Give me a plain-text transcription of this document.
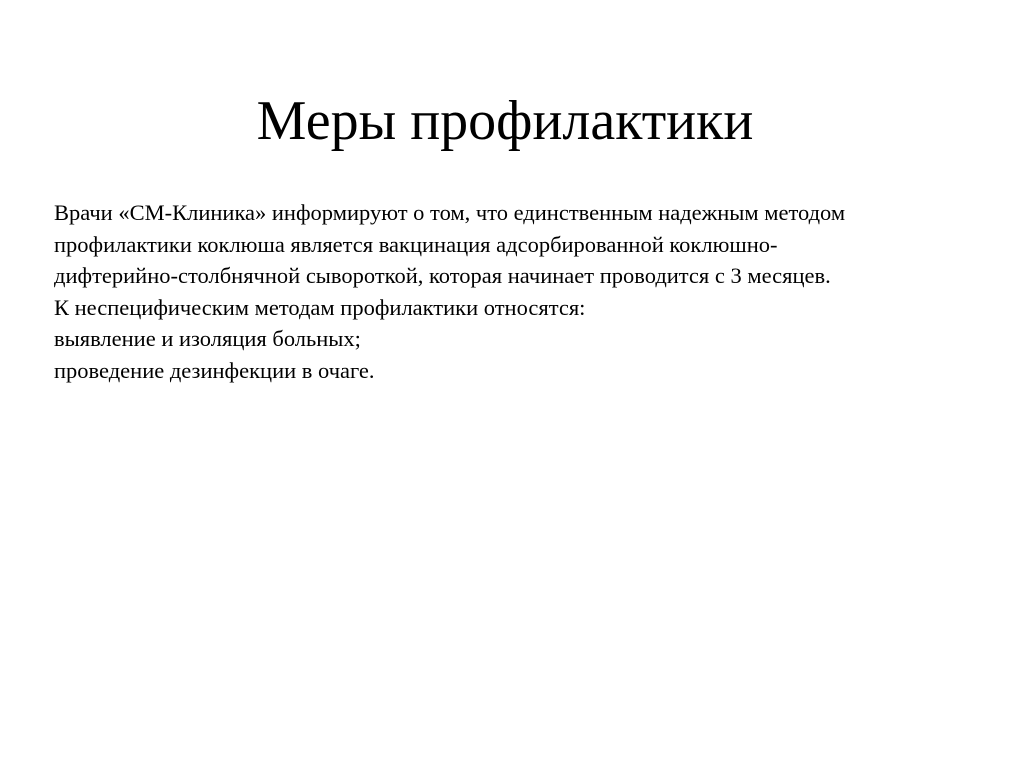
Меры профилактики
Врачи «СМ-Клиника» информируют о том, что единственным надежным методом
профилактики коклюша является вакцинация адсорбированной коклюшно-
дифтерийно-столбнячной сывороткой, которая начинает проводится с 3 месяцев.
К неспецифическим методам профилактики относятся:
выявление и изоляция больных;
проведение дезинфекции в очаге.
